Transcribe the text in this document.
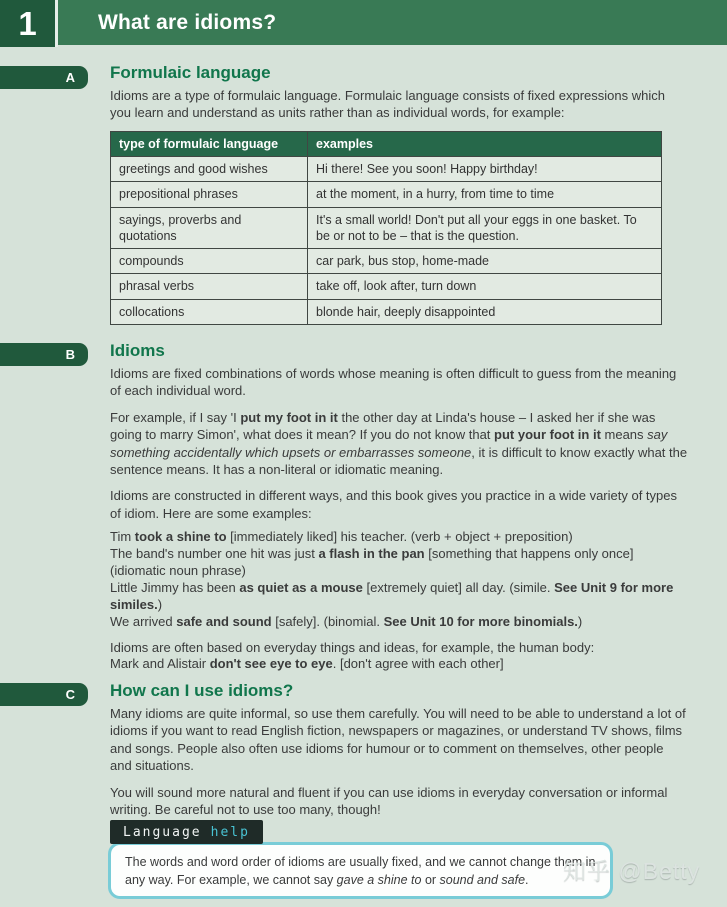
1	What are idioms?
A
B
C
Formulaic language

Idioms are a type of formulaic language. Formulaic language consists of fixed expressions which you learn and understand as units rather than as individual words, for example:

type of formulaic language	examples
greetings and good wishes	Hi there! See you soon! Happy birthday!
prepositional phrases	at the moment, in a hurry, from time to time
sayings, proverbs and quotations	It's a small world! Don't put all your eggs in one basket. To be or not to be – that is the question.
compounds	car park, bus stop, home-made
phrasal verbs	take off, look after, turn down
collocations	blonde hair, deeply disappointed
Idioms

Idioms are fixed combinations of words whose meaning is often difficult to guess from the meaning of each individual word.

For example, if I say 'I put my foot in it the other day at Linda's house – I asked her if she was going to marry Simon', what does it mean? If you do not know that put your foot in it means say something accidentally which upsets or embarrasses someone, it is difficult to know exactly what the sentence means. It has a non-literal or idiomatic meaning.

Idioms are constructed in different ways, and this book gives you practice in a wide variety of types of idiom. Here are some examples:

Tim took a shine to [immediately liked] his teacher. (verb + object + preposition)
The band's number one hit was just a flash in the pan [something that happens only once] (idiomatic noun phrase)
Little Jimmy has been as quiet as a mouse [extremely quiet] all day. (simile. See Unit 9 for more similes.)
We arrived safe and sound [safely]. (binomial. See Unit 10 for more binomials.)
Idioms are often based on everyday things and ideas, for example, the human body:
Mark and Alistair don't see eye to eye. [don't agree with each other]
How can I use idioms?

Many idioms are quite informal, so use them carefully. You will need to be able to understand a lot of idioms if you want to read English fiction, newspapers or magazines, or understand TV shows, films and songs. People also often use idioms for humour or to comment on themselves, other people and situations.

You will sound more natural and fluent if you can use idioms in everyday conversation or informal writing. Be careful not to use too many, though!

Language help

The words and word order of idioms are usually fixed, and we cannot change them in any way. For example, we cannot say gave a shine to or sound and safe.	知乎 @Betty
